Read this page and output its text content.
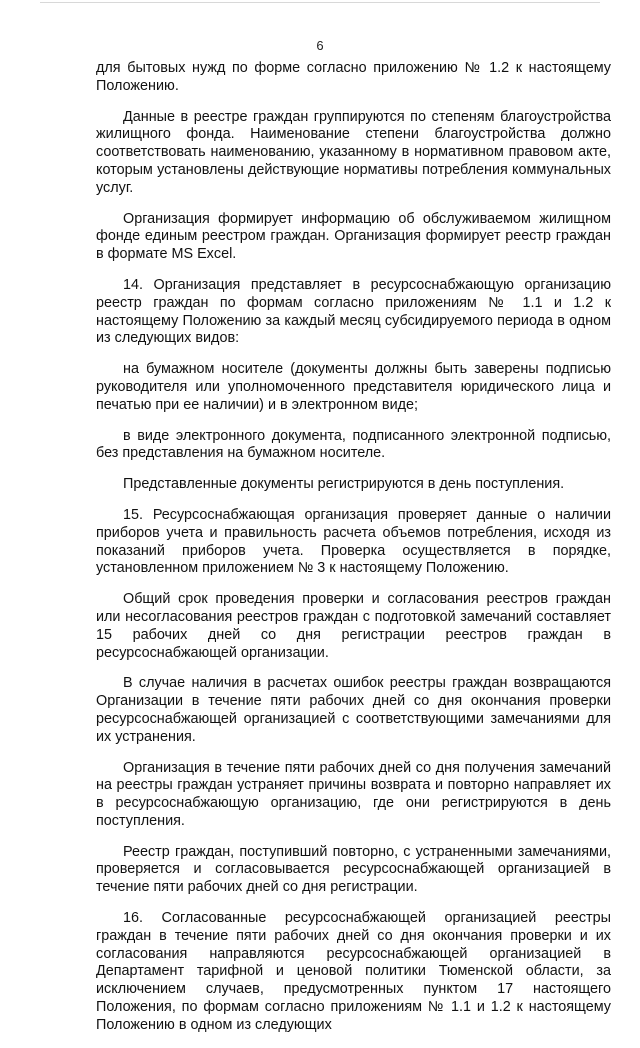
6

для бытовых нужд по форме согласно приложению № 1.2 к настоящему Положению.

Данные в реестре граждан группируются по степеням благоустройства жилищного фонда. Наименование степени благоустройства должно соответствовать наименованию, указанному в нормативном правовом акте, которым установлены действующие нормативы потребления коммунальных услуг.

Организация формирует информацию об обслуживаемом жилищном фонде единым реестром граждан. Организация формирует реестр граждан в формате MS Excel.

14. Организация представляет в ресурсоснабжающую организацию реестр граждан по формам согласно приложениям № 1.1 и 1.2 к настоящему Положению за каждый месяц субсидируемого периода в одном из следующих видов:

на бумажном носителе (документы должны быть заверены подписью руководителя или уполномоченного представителя юридического лица и печатью при ее наличии) и в электронном виде;

в виде электронного документа, подписанного электронной подписью, без представления на бумажном носителе.

Представленные документы регистрируются в день поступления.

15. Ресурсоснабжающая организация проверяет данные о наличии приборов учета и правильность расчета объемов потребления, исходя из показаний приборов учета. Проверка осуществляется в порядке, установленном приложением № 3 к настоящему Положению.

Общий срок проведения проверки и согласования реестров граждан или несогласования реестров граждан с подготовкой замечаний составляет 15 рабочих дней со дня регистрации реестров граждан в ресурсоснабжающей организации.

В случае наличия в расчетах ошибок реестры граждан возвращаются Организации в течение пяти рабочих дней со дня окончания проверки ресурсоснабжающей организацией с соответствующими замечаниями для их устранения.

Организация в течение пяти рабочих дней со дня получения замечаний на реестры граждан устраняет причины возврата и повторно направляет их в ресурсоснабжающую организацию, где они регистрируются в день поступления.

Реестр граждан, поступивший повторно, с устраненными замечаниями, проверяется и согласовывается ресурсоснабжающей организацией в течение пяти рабочих дней со дня регистрации.

16. Согласованные ресурсоснабжающей организацией реестры граждан в течение пяти рабочих дней со дня окончания проверки и их согласования направляются ресурсоснабжающей организацией в Департамент тарифной и ценовой политики Тюменской области, за исключением случаев, предусмотренных пунктом 17 настоящего Положения, по формам согласно приложениям № 1.1 и 1.2 к настоящему Положению в одном из следующих
